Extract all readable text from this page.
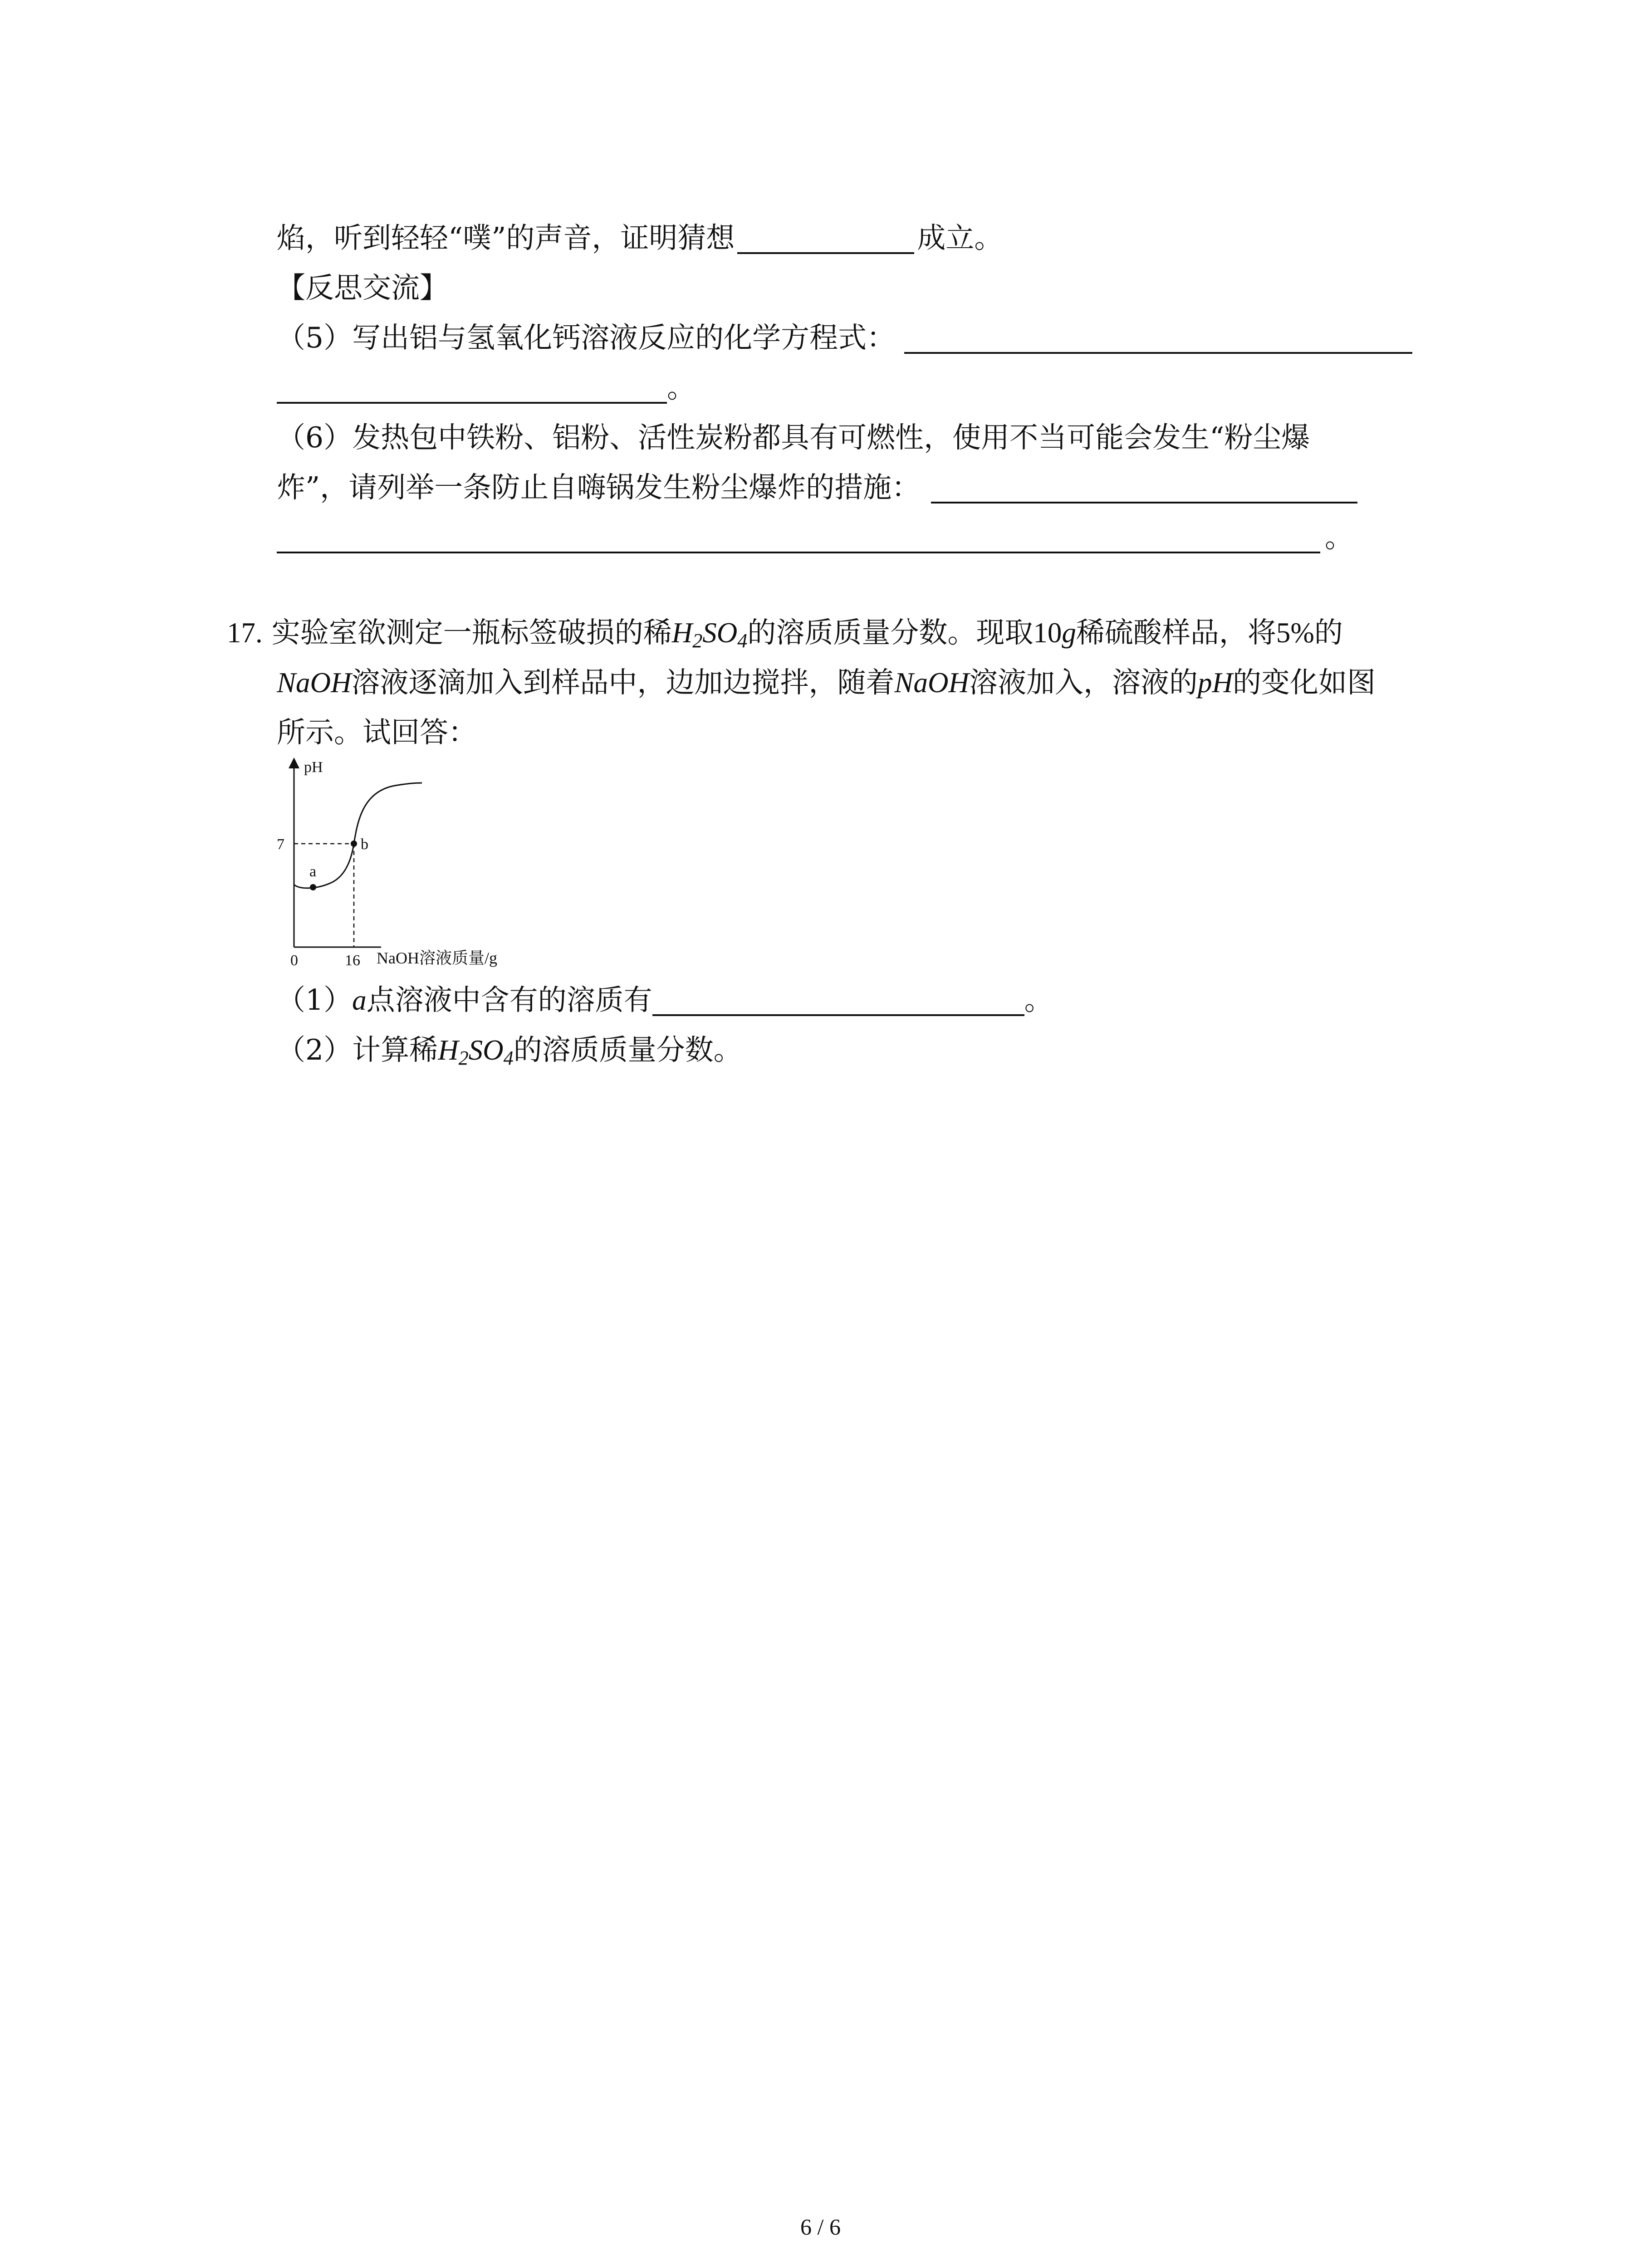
焰，听到轻轻“噗”的声音，证明猜想	成立。
【反思交流】
（5）写出铝与氢氧化钙溶液反应的化学方程式：
。
（6）发热包中铁粉、铝粉、活性炭粉都具有可燃性，使用不当可能会发生“粉尘爆
炸”，请列举一条防止自嗨锅发生粉尘爆炸的措施：
。
17. 实验室欲测定一瓶标签破损的稀 $H_2SO_4$ 的溶质质量分数。现取 10 g 稀硫酸样品，将 5% 的
NaOH 溶液逐滴加入到样品中，边加边搅拌，随着 NaOH 溶液加入，溶液的 pH 的变化如图
所示。试回答：
pH
a
b
7
0	16 NaOH溶液质量/g
（1） a 点溶液中含有的溶质有	。
（2）计算稀 $H_2SO_4$ 的溶质质量分数。
6 / 6
